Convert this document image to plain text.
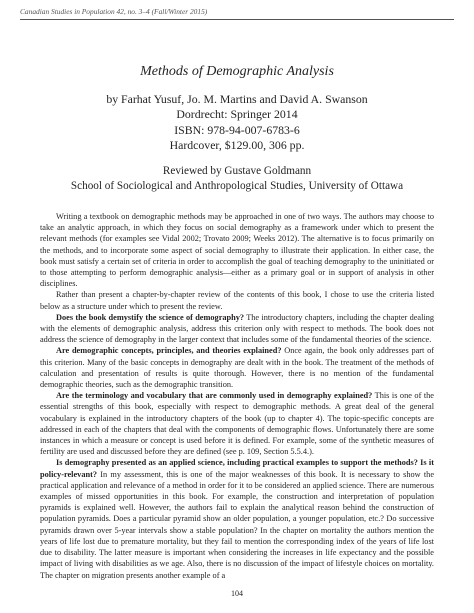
Canadian Studies in Population 42, no. 3–4 (Fall/Winter 2015)
Methods of Demographic Analysis
by Farhat Yusuf, Jo. M. Martins and David A. Swanson
Dordrecht: Springer 2014
ISBN: 978-94-007-6783-6
Hardcover, $129.00, 306 pp.
Reviewed by Gustave Goldmann
School of Sociological and Anthropological Studies, University of Ottawa

Writing a textbook on demographic methods may be approached in one of two ways. The authors may choose to take an analytic approach, in which they focus on social demography as a framework under which to present the relevant methods (for examples see Vidal 2002; Trovato 2009; Weeks 2012). The alternative is to focus primarily on the methods, and to incorporate some aspect of social demography to illustrate their application. In either case, the book must satisfy a certain set of criteria in order to accomplish the goal of teaching demography to the uninitiated or to those attempting to perform demographic analysis—either as a primary goal or in support of analysis in other disciplines.

Rather than present a chapter-by-chapter review of the contents of this book, I chose to use the criteria listed below as a structure under which to present the review.

Does the book demystify the science of demography? The introductory chapters, including the chapter dealing with the elements of demographic analysis, address this criterion only with respect to methods. The book does not address the science of demography in the larger context that includes some of the fundamental theories of the science.

Are demographic concepts, principles, and theories explained? Once again, the book only addresses part of this criterion. Many of the basic concepts in demography are dealt with in the book. The treatment of the methods of calculation and presentation of results is quite thorough. However, there is no mention of the fundamental demographic theories, such as the demographic transition.

Are the terminology and vocabulary that are commonly used in demography explained? This is one of the essential strengths of this book, especially with respect to demographic methods. A great deal of the general vocabulary is explained in the introductory chapters of the book (up to chapter 4). The topic-specific concepts are addressed in each of the chapters that deal with the components of demographic flows. Unfortunately there are some instances in which a measure or concept is used before it is defined. For example, some of the synthetic measures of fertility are used and discussed before they are defined (see p. 109, Section 5.5.4.).

Is demography presented as an applied science, including practical examples to support the methods? Is it policy-relevant? In my assessment, this is one of the major weaknesses of this book. It is necessary to show the practical application and relevance of a method in order for it to be considered an applied science. There are numerous examples of missed opportunities in this book. For example, the construction and interpretation of population pyramids is explained well. However, the authors fail to explain the analytical reason behind the construction of population pyramids. Does a particular pyramid show an older population, a younger population, etc.? Do successive pyramids drawn over 5-year intervals show a stable population? In the chapter on mortality the authors mention the years of life lost due to premature mortality, but they fail to mention the corresponding index of the years of life lost due to disability. The latter measure is important when considering the increases in life expectancy and the possible impact of living with disabilities as we age. Also, there is no discussion of the impact of lifestyle choices on mortality. The chapter on migration presents another example of a

104
